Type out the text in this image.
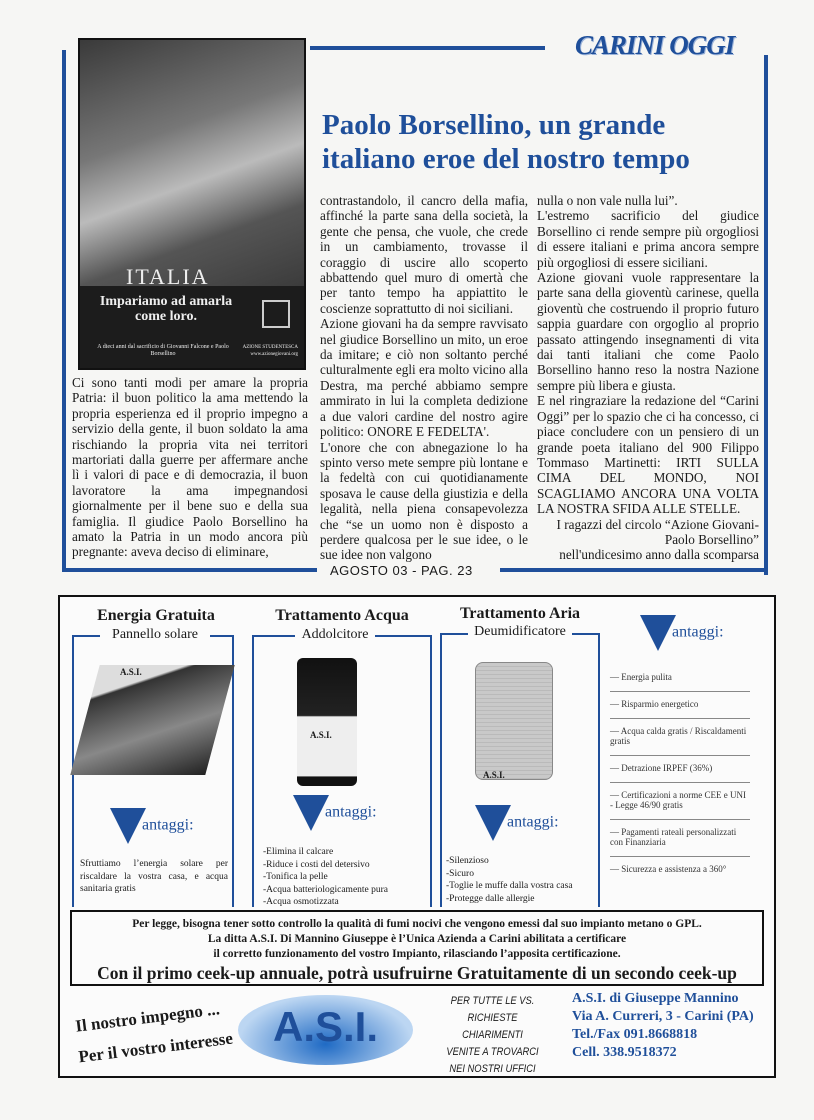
CARINI OGGI
ITALIA
Impariamo ad amarla come loro.
A dieci anni dal sacrificio di Giovanni Falcone e Paolo Borsellino
AZIONE STUDENTESCA
www.azionegiovani.org
Paolo Borsellino, un grande italiano eroe del nostro tempo

Ci sono tanti modi per amare la propria Patria: il buon politico la ama mettendo la propria esperienza ed il proprio impegno a servizio della gente, il buon soldato la ama rischiando la propria vita nei territori martoriati dalla guerre per affermare anche lì i valori di pace e di democrazia, il buon lavoratore la ama impegnandosi giornalmente per il bene suo e della sua famiglia. Il giudice Paolo Borsellino ha amato la Patria in un modo ancora più pregnante: aveva deciso di eliminare,

contrastandolo, il cancro della mafia, affinché la parte sana della società, la gente che pensa, che vuole, che crede in un cambiamento, trovasse il coraggio di uscire allo scoperto abbattendo quel muro di omertà che per tanto tempo ha appiattito le coscienze soprattutto di noi siciliani.

Azione giovani ha da sempre ravvisato nel giudice Borsellino un mito, un eroe da imitare; e ciò non soltanto perché culturalmente egli era molto vicino alla Destra, ma perché abbiamo sempre ammirato in lui la completa dedizione a due valori cardine del nostro agire politico: ONORE E FEDELTA'.

L'onore che con abnegazione lo ha spinto verso mete sempre più lontane e la fedeltà con cui quotidianamente sposava le cause della giustizia e della legalità, nella piena consapevolezza che “se un uomo non è disposto a perdere qualcosa per le sue idee, o le sue idee non valgono

nulla o non vale nulla lui”.

L'estremo sacrificio del giudice Borsellino ci rende sempre più orgogliosi di essere italiani e prima ancora sempre più orgogliosi di essere siciliani.

Azione giovani vuole rappresentare la parte sana della gioventù carinese, quella gioventù che costruendo il proprio futuro sappia guardare con orgoglio al proprio passato attingendo insegnamenti di vita dai tanti italiani che come Paolo Borsellino hanno reso la nostra Nazione sempre più libera e giusta.

E nel ringraziare la redazione del “Carini Oggi” per lo spazio che ci ha concesso, ci piace concludere con un pensiero di un grande poeta italiano del 900 Filippo Tommaso Martinetti: IRTI SULLA CIMA DEL MONDO, NOI SCAGLIAMO ANCORA UNA VOLTA LA NOSTRA SFIDA ALLE STELLE.

I ragazzi del circolo “Azione Giovani-

Paolo Borsellino”

nell'undicesimo anno dalla scomparsa

AGOSTO 03 - PAG. 23
Energia Gratuita
Pannello solare
A.S.I.
antaggi:
Sfruttiamo l’energia solare per riscaldare la vostra casa, e acqua sanitaria gratis
Trattamento Acqua
Addolcitore
A.S.I.
antaggi:
-Elimina il calcare
-Riduce i costi del detersivo
-Tonifica la pelle
-Acqua batteriologicamente pura
-Acqua osmotizzata
Trattamento Aria
Deumidificatore
A.S.I.
antaggi:
-Silenzioso
-Sicuro
-Toglie le muffe dalla vostra casa
-Protegge dalle allergie
antaggi:
— Energia pulita
— Risparmio energetico
— Acqua calda gratis / Riscaldamenti gratis
— Detrazione IRPEF (36%)
— Certificazioni a norme CEE e UNI - Legge 46/90 gratis
— Pagamenti rateali personalizzati con Finanziaria
— Sicurezza e assistenza a 360°
Per legge, bisogna tener sotto controllo la qualità di fumi nocivi che vengono emessi dal suo impianto metano o GPL.
La ditta A.S.I. Di Mannino Giuseppe è l’Unica Azienda a Carini abilitata a certificare
il corretto funzionamento del vostro Impianto, rilasciando l’apposita certificazione.
Con il primo ceek-up annuale, potrà usufruirne Gratuitamente di un secondo ceek-up
Il nostro impegno ...
Per il vostro interesse A.S.I.
PER TUTTE LE VS. RICHIESTE
CHIARIMENTI
VENITE A TROVARCI
NEI NOSTRI UFFICI
A.S.I. di Giuseppe Mannino
Via A. Curreri, 3 - Carini (PA)
Tel./Fax 091.8668818
Cell. 338.9518372
